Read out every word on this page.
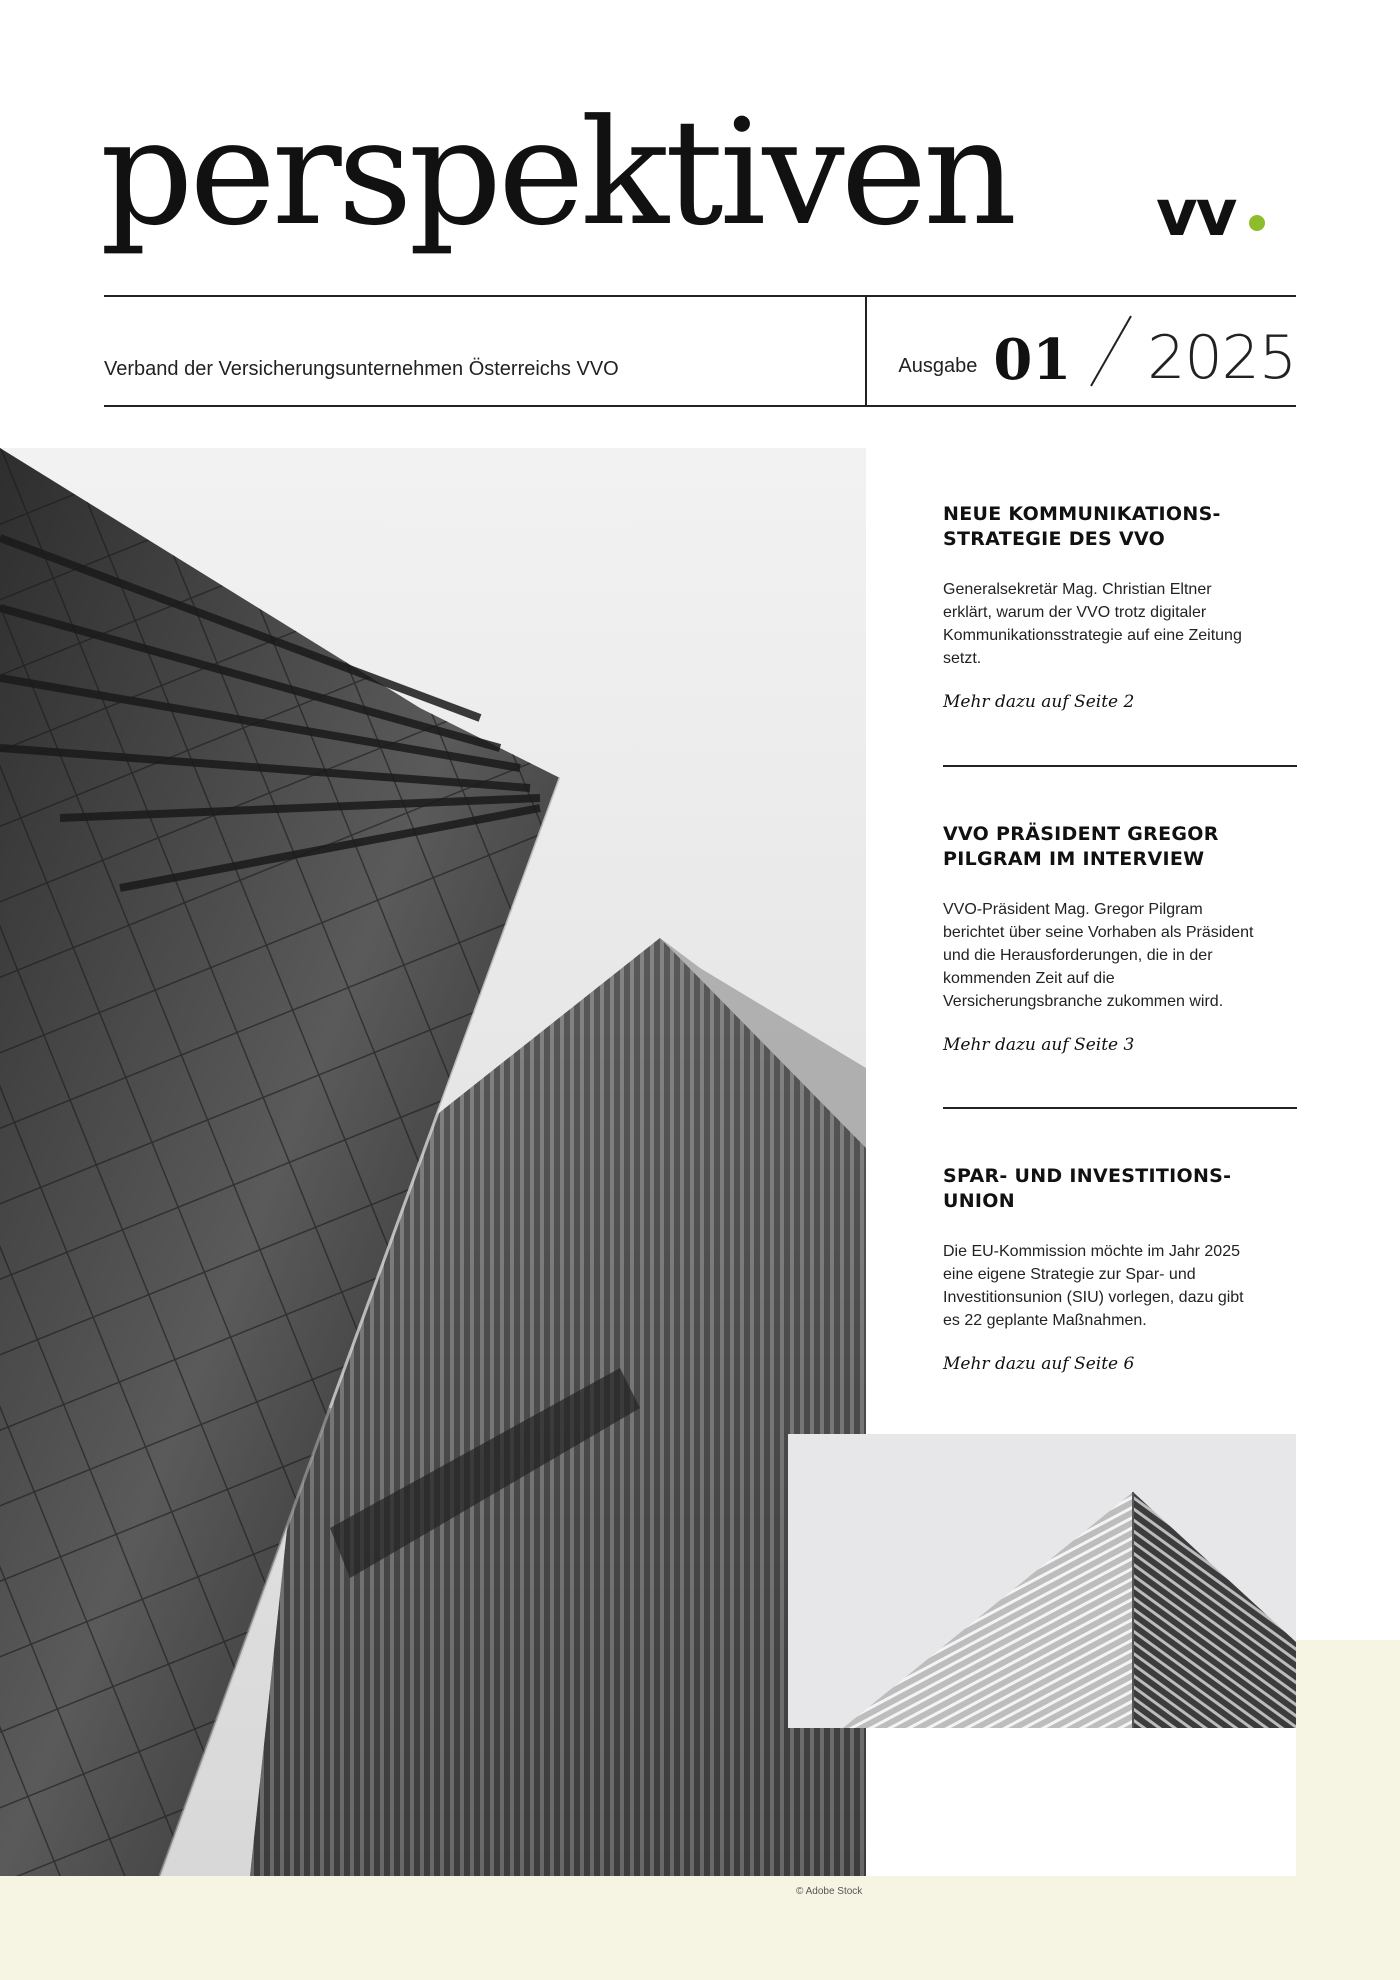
perspektiven vv
Verband der Versicherungsunternehmen Österreichs VVO	Ausgabe 01 2025
© Adobe Stock
NEUE KOMMUNIKATIONS-
STRATEGIE DES VVO

Generalsekretär Mag. Christian Eltner erklärt, warum der VVO trotz digitaler Kommunikationsstrategie auf eine Zeitung setzt.

Mehr dazu auf Seite 2

VVO PRÄSIDENT GREGOR
PILGRAM IM INTERVIEW

VVO-Präsident Mag. Gregor Pilgram berichtet über seine Vorhaben als Präsident und die Herausforderungen, die in der kommenden Zeit auf die Versicherungsbranche zukommen wird.

Mehr dazu auf Seite 3

SPAR- UND INVESTITIONS-
UNION

Die EU-Kommission möchte im Jahr 2025 eine eigene Strategie zur Spar- und Investitionsunion (SIU) vorlegen, dazu gibt es 22 geplante Maßnahmen.

Mehr dazu auf Seite 6
